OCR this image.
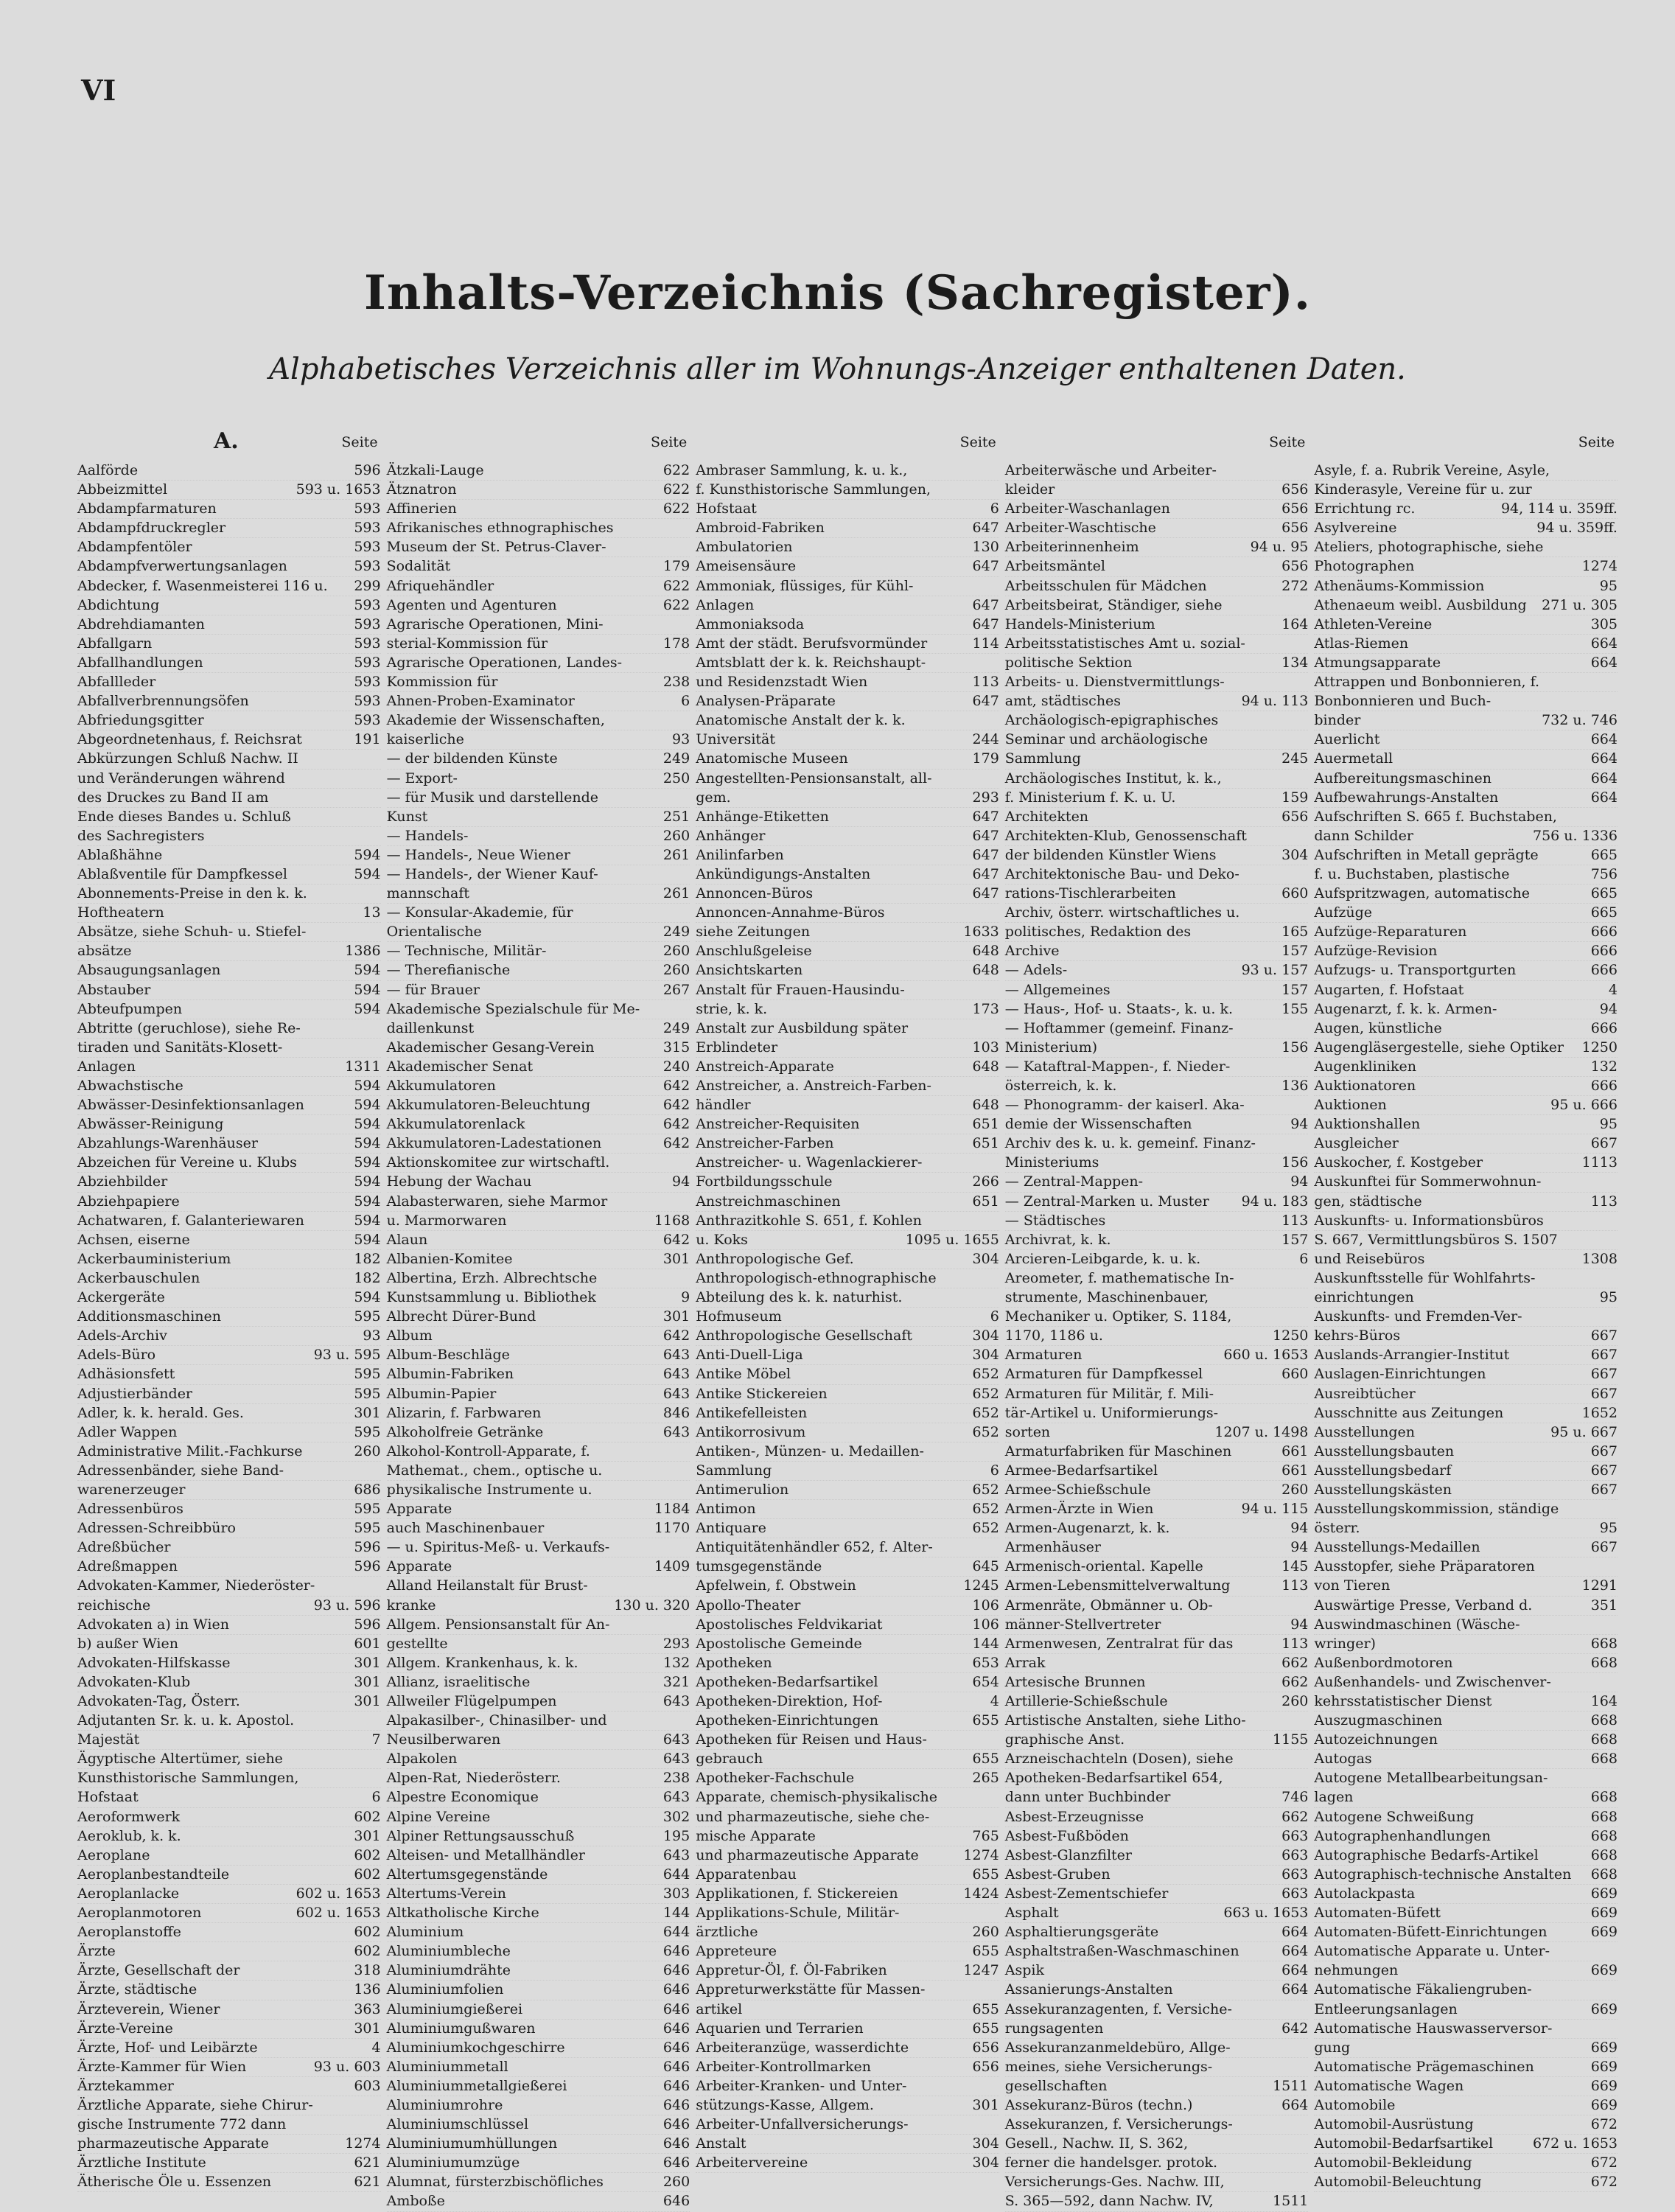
VI
Inhalts-Verzeichnis (Sachregister).
Alphabetisches Verzeichnis aller im Wohnungs-Anzeiger enthaltenen Daten.
A.	Seite
Aalförde	596
Abbeizmittel	593 u. 1653
Abdampfarmaturen	593
Abdampfdruckregler	593
Abdampfentöler	593
Abdampfverwertungsanlagen	593
Abdecker, f. Wasenmeisterei 116 u.	299
Abdichtung	593
Abdrehdiamanten	593
Abfallgarn	593
Abfallhandlungen	593
Abfallleder	593
Abfallverbrennungsöfen	593
Abfriedungsgitter	593
Abgeordnetenhaus, f. Reichsrat	191
Abkürzungen Schluß Nachw. II
und Veränderungen während
des Druckes zu Band II am
Ende dieses Bandes u. Schluß
des Sachregisters
Ablaßhähne	594
Ablaßventile für Dampfkessel	594
Abonnements-Preise in den k. k.
Hoftheatern	13
Absätze, siehe Schuh- u. Stiefel-
absätze	1386
Absaugungsanlagen	594
Abstauber	594
Abteufpumpen	594
Abtritte (geruchlose), siehe Re-
tiraden und Sanitäts-Klosett-
Anlagen	1311
Abwachstische	594
Abwässer-Desinfektionsanlagen	594
Abwässer-Reinigung	594
Abzahlungs-Warenhäuser	594
Abzeichen für Vereine u. Klubs	594
Abziehbilder	594
Abziehpapiere	594
Achatwaren, f. Galanteriewaren	594
Achsen, eiserne	594
Ackerbauministerium	182
Ackerbauschulen	182
Ackergeräte	594
Additionsmaschinen	595
Adels-Archiv	93
Adels-Büro	93 u. 595
Adhäsionsfett	595
Adjustierbänder	595
Adler, k. k. herald. Ges.	301
Adler Wappen	595
Administrative Milit.-Fachkurse	260
Adressenbänder, siehe Band-
warenerzeuger	686
Adressenbüros	595
Adressen-Schreibbüro	595
Adreßbücher	596
Adreßmappen	596
Advokaten-Kammer, Niederöster-
reichische	93 u. 596
Advokaten a) in Wien	596
b) außer Wien	601
Advokaten-Hilfskasse	301
Advokaten-Klub	301
Advokaten-Tag, Österr.	301
Adjutanten Sr. k. u. k. Apostol.
Majestät	7
Ägyptische Altertümer, siehe
Kunsthistorische Sammlungen,
Hofstaat	6
Aeroformwerk	602
Aeroklub, k. k.	301
Aeroplane	602
Aeroplanbestandteile	602
Aeroplanlacke	602 u. 1653
Aeroplanmotoren	602 u. 1653
Aeroplanstoffe	602
Ärzte	602
Ärzte, Gesellschaft der	318
Ärzte, städtische	136
Ärzteverein, Wiener	363
Ärzte-Vereine	301
Ärzte, Hof- und Leibärzte	4
Ärzte-Kammer für Wien	93 u. 603
Ärztekammer	603
Ärztliche Apparate, siehe Chirur-
gische Instrumente 772 dann
pharmazeutische Apparate	1274
Ärztliche Institute	621
Ätherische Öle u. Essenzen	621
Seite
Ätzkali-Lauge	622
Ätznatron	622
Affinerien	622
Afrikanisches ethnographisches
Museum der St. Petrus-Claver-
Sodalität	179
Afriquehändler	622
Agenten und Agenturen	622
Agrarische Operationen, Mini-
sterial-Kommission für	178
Agrarische Operationen, Landes-
Kommission für	238
Ahnen-Proben-Examinator	6
Akademie der Wissenschaften,
kaiserliche	93
— der bildenden Künste	249
— Export-	250
— für Musik und darstellende
Kunst	251
— Handels-	260
— Handels-, Neue Wiener	261
— Handels-, der Wiener Kauf-
mannschaft	261
— Konsular-Akademie, für
Orientalische	249
— Technische, Militär-	260
— Therefianische	260
— für Brauer	267
Akademische Spezialschule für Me-
daillenkunst	249
Akademischer Gesang-Verein	315
Akademischer Senat	240
Akkumulatoren	642
Akkumulatoren-Beleuchtung	642
Akkumulatorenlack	642
Akkumulatoren-Ladestationen	642
Aktionskomitee zur wirtschaftl.
Hebung der Wachau	94
Alabasterwaren, siehe Marmor
u. Marmorwaren	1168
Alaun	642
Albanien-Komitee	301
Albertina, Erzh. Albrechtsche
Kunstsammlung u. Bibliothek	9
Albrecht Dürer-Bund	301
Album	642
Album-Beschläge	643
Albumin-Fabriken	643
Albumin-Papier	643
Alizarin, f. Farbwaren	846
Alkoholfreie Getränke	643
Alkohol-Kontroll-Apparate, f.
Mathemat., chem., optische u.
physikalische Instrumente u.
Apparate	1184
auch Maschinenbauer	1170
— u. Spiritus-Meß- u. Verkaufs-
Apparate	1409
Alland Heilanstalt für Brust-
kranke	130 u. 320
Allgem. Pensionsanstalt für An-
gestellte	293
Allgem. Krankenhaus, k. k.	132
Allianz, israelitische	321
Allweiler Flügelpumpen	643
Alpakasilber-, Chinasilber- und
Neusilberwaren	643
Alpakolen	643
Alpen-Rat, Niederösterr.	238
Alpestre Economique	643
Alpine Vereine	302
Alpiner Rettungsausschuß	195
Alteisen- und Metallhändler	643
Altertumsgegenstände	644
Altertums-Verein	303
Altkatholische Kirche	144
Aluminium	644
Aluminiumbleche	646
Aluminiumdrähte	646
Aluminiumfolien	646
Aluminiumgießerei	646
Aluminiumgußwaren	646
Aluminiumkochgeschirre	646
Aluminiummetall	646
Aluminiummetallgießerei	646
Aluminiumrohre	646
Aluminiumschlüssel	646
Aluminiumumhüllungen	646
Aluminiumumzüge	646
Alumnat, fürsterzbischöfliches	260
Amboße	646
Seite
Ambraser Sammlung, k. u. k.,
f. Kunsthistorische Sammlungen,
Hofstaat	6
Ambroid-Fabriken	647
Ambulatorien	130
Ameisensäure	647
Ammoniak, flüssiges, für Kühl-
Anlagen	647
Ammoniaksoda	647
Amt der städt. Berufsvormünder	114
Amtsblatt der k. k. Reichshaupt-
und Residenzstadt Wien	113
Analysen-Präparate	647
Anatomische Anstalt der k. k.
Universität	244
Anatomische Museen	179
Angestellten-Pensionsanstalt, all-
gem.	293
Anhänge-Etiketten	647
Anhänger	647
Anilinfarben	647
Ankündigungs-Anstalten	647
Annoncen-Büros	647
Annoncen-Annahme-Büros
siehe Zeitungen	1633
Anschlußgeleise	648
Ansichtskarten	648
Anstalt für Frauen-Hausindu-
strie, k. k.	173
Anstalt zur Ausbildung später
Erblindeter	103
Anstreich-Apparate	648
Anstreicher, a. Anstreich-Farben-
händler	648
Anstreicher-Requisiten	651
Anstreicher-Farben	651
Anstreicher- u. Wagenlackierer-
Fortbildungsschule	266
Anstreichmaschinen	651
Anthrazitkohle S. 651, f. Kohlen
u. Koks	1095 u. 1655
Anthropologische Gef.	304
Anthropologisch-ethnographische
Abteilung des k. k. naturhist.
Hofmuseum	6
Anthropologische Gesellschaft	304
Anti-Duell-Liga	304
Antike Möbel	652
Antike Stickereien	652
Antikefelleisten	652
Antikorrosivum	652
Antiken-, Münzen- u. Medaillen-
Sammlung	6
Antimerulion	652
Antimon	652
Antiquare	652
Antiquitätenhändler 652, f. Alter-
tumsgegenstände	645
Apfelwein, f. Obstwein	1245
Apollo-Theater	106
Apostolisches Feldvikariat	106
Apostolische Gemeinde	144
Apotheken	653
Apotheken-Bedarfsartikel	654
Apotheken-Direktion, Hof-	4
Apotheken-Einrichtungen	655
Apotheken für Reisen und Haus-
gebrauch	655
Apotheker-Fachschule	265
Apparate, chemisch-physikalische
und pharmazeutische, siehe che-
mische Apparate	765
und pharmazeutische Apparate	1274
Apparatenbau	655
Applikationen, f. Stickereien	1424
Applikations-Schule, Militär-
ärztliche	260
Appreteure	655
Appretur-Öl, f. Öl-Fabriken	1247
Appreturwerkstätte für Massen-
artikel	655
Aquarien und Terrarien	655
Arbeiteranzüge, wasserdichte	656
Arbeiter-Kontrollmarken	656
Arbeiter-Kranken- und Unter-
stützungs-Kasse, Allgem.	301
Arbeiter-Unfallversicherungs-
Anstalt	304
Arbeitervereine	304
Seite
Arbeiterwäsche und Arbeiter-
kleider	656
Arbeiter-Waschanlagen	656
Arbeiter-Waschtische	656
Arbeiterinnenheim	94 u. 95
Arbeitsmäntel	656
Arbeitsschulen für Mädchen	272
Arbeitsbeirat, Ständiger, siehe
Handels-Ministerium	164
Arbeitsstatistisches Amt u. sozial-
politische Sektion	134
Arbeits- u. Dienstvermittlungs-
amt, städtisches	94 u. 113
Archäologisch-epigraphisches
Seminar und archäologische
Sammlung	245
Archäologisches Institut, k. k.,
f. Ministerium f. K. u. U.	159
Architekten	656
Architekten-Klub, Genossenschaft
der bildenden Künstler Wiens	304
Architektonische Bau- und Deko-
rations-Tischlerarbeiten	660
Archiv, österr. wirtschaftliches u.
politisches, Redaktion des	165
Archive	157
— Adels-	93 u. 157
— Allgemeines	157
— Haus-, Hof- u. Staats-, k. u. k.	155
— Hoftammer (gemeinf. Finanz-
Ministerium)	156
— Kataftral-Mappen-, f. Nieder-
österreich, k. k.	136
— Phonogramm- der kaiserl. Aka-
demie der Wissenschaften	94
Archiv des k. u. k. gemeinf. Finanz-
Ministeriums	156
— Zentral-Mappen-	94
— Zentral-Marken u. Muster	94 u. 183
— Städtisches	113
Archivrat, k. k.	157
Arcieren-Leibgarde, k. u. k.	6
Areometer, f. mathematische In-
strumente, Maschinenbauer,
Mechaniker u. Optiker, S. 1184,
1170, 1186 u.	1250
Armaturen	660 u. 1653
Armaturen für Dampfkessel	660
Armaturen für Militär, f. Mili-
tär-Artikel u. Uniformierungs-
sorten	1207 u. 1498
Armaturfabriken für Maschinen	661
Armee-Bedarfsartikel	661
Armee-Schießschule	260
Armen-Ärzte in Wien	94 u. 115
Armen-Augenarzt, k. k.	94
Armenhäuser	94
Armenisch-oriental. Kapelle	145
Armen-Lebensmittelverwaltung	113
Armenräte, Obmänner u. Ob-
männer-Stellvertreter	94
Armenwesen, Zentralrat für das	113
Arrak	662
Artesische Brunnen	662
Artillerie-Schießschule	260
Artistische Anstalten, siehe Litho-
graphische Anst.	1155
Arzneischachteln (Dosen), siehe
Apotheken-Bedarfsartikel 654,
dann unter Buchbinder	746
Asbest-Erzeugnisse	662
Asbest-Fußböden	663
Asbest-Glanzfilter	663
Asbest-Gruben	663
Asbest-Zementschiefer	663
Asphalt	663 u. 1653
Asphaltierungsgeräte	664
Asphaltstraßen-Waschmaschinen	664
Aspik	664
Assanierungs-Anstalten	664
Assekuranzagenten, f. Versiche-
rungsagenten	642
Assekuranzanmeldebüro, Allge-
meines, siehe Versicherungs-
gesellschaften	1511
Assekuranz-Büros (techn.)	664
Assekuranzen, f. Versicherungs-
Gesell., Nachw. II, S. 362,
ferner die handelsger. protok.
Versicherungs-Ges. Nachw. III,
S. 365—592, dann Nachw. IV,	1511
Seite
Asyle, f. a. Rubrik Vereine, Asyle,
Kinderasyle, Vereine für u. zur
Errichtung rc.	94, 114 u. 359ff.
Asylvereine	94 u. 359ff.
Ateliers, photographische, siehe
Photographen	1274
Athenäums-Kommission	95
Athenaeum weibl. Ausbildung	271 u. 305
Athleten-Vereine	305
Atlas-Riemen	664
Atmungsapparate	664
Attrappen und Bonbonnieren, f.
Bonbonnieren und Buch-
binder	732 u. 746
Auerlicht	664
Auermetall	664
Aufbereitungsmaschinen	664
Aufbewahrungs-Anstalten	664
Aufschriften S. 665 f. Buchstaben,
dann Schilder	756 u. 1336
Aufschriften in Metall geprägte	665
f. u. Buchstaben, plastische	756
Aufspritzwagen, automatische	665
Aufzüge	665
Aufzüge-Reparaturen	666
Aufzüge-Revision	666
Aufzugs- u. Transportgurten	666
Augarten, f. Hofstaat	4
Augenarzt, f. k. k. Armen-	94
Augen, künstliche	666
Augengläsergestelle, siehe Optiker	1250
Augenkliniken	132
Auktionatoren	666
Auktionen	95 u. 666
Auktionshallen	95
Ausgleicher	667
Auskocher, f. Kostgeber	1113
Auskunftei für Sommerwohnun-
gen, städtische	113
Auskunfts- u. Informationsbüros
S. 667, Vermittlungsbüros S. 1507
und Reisebüros	1308
Auskunftsstelle für Wohlfahrts-
einrichtungen	95
Auskunfts- und Fremden-Ver-
kehrs-Büros	667
Auslands-Arrangier-Institut	667
Auslagen-Einrichtungen	667
Ausreibtücher	667
Ausschnitte aus Zeitungen	1652
Ausstellungen	95 u. 667
Ausstellungsbauten	667
Ausstellungsbedarf	667
Ausstellungskästen	667
Ausstellungskommission, ständige
österr.	95
Ausstellungs-Medaillen	667
Ausstopfer, siehe Präparatoren
von Tieren	1291
Auswärtige Presse, Verband d.	351
Auswindmaschinen (Wäsche-
wringer)	668
Außenbordmotoren	668
Außenhandels- und Zwischenver-
kehrsstatistischer Dienst	164
Auszugmaschinen	668
Autozeichnungen	668
Autogas	668
Autogene Metallbearbeitungsan-
lagen	668
Autogene Schweißung	668
Autographenhandlungen	668
Autographische Bedarfs-Artikel	668
Autographisch-technische Anstalten	668
Autolackpasta	669
Automaten-Büfett	669
Automaten-Büfett-Einrichtungen	669
Automatische Apparate u. Unter-
nehmungen	669
Automatische Fäkaliengruben-
Entleerungsanlagen	669
Automatische Hauswasserversor-
gung	669
Automatische Prägemaschinen	669
Automatische Wagen	669
Automobile	669
Automobil-Ausrüstung	672
Automobil-Bedarfsartikel	672 u. 1653
Automobil-Bekleidung	672
Automobil-Beleuchtung	672
